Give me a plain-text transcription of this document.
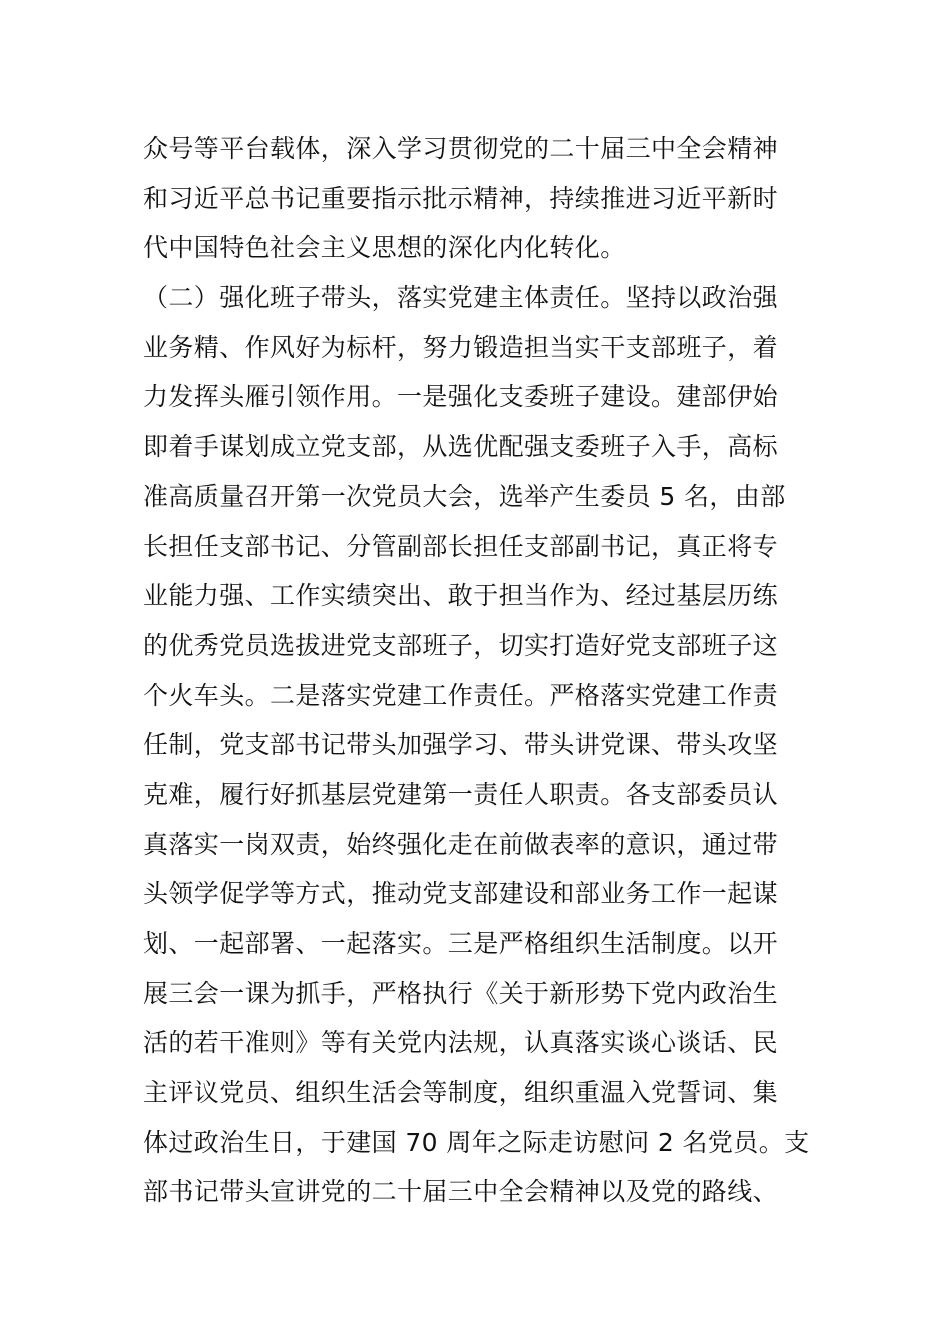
众号等平台载体，深入学习贯彻党的二十届三中全会精神
和习近平总书记重要指示批示精神，持续推进习近平新时
代中国特色社会主义思想的深化内化转化。
（二）强化班子带头，落实党建主体责任。坚持以政治强
业务精、作风好为标杆，努力锻造担当实干支部班子，着
力发挥头雁引领作用。一是强化支委班子建设。建部伊始
即着手谋划成立党支部，从选优配强支委班子入手，高标
准高质量召开第一次党员大会，选举产生委员 5 名，由部
长担任支部书记、分管副部长担任支部副书记，真正将专
业能力强、工作实绩突出、敢于担当作为、经过基层历练
的优秀党员选拔进党支部班子，切实打造好党支部班子这
个火车头。二是落实党建工作责任。严格落实党建工作责
任制，党支部书记带头加强学习、带头讲党课、带头攻坚
克难，履行好抓基层党建第一责任人职责。各支部委员认
真落实一岗双责，始终强化走在前做表率的意识，通过带
头领学促学等方式，推动党支部建设和部业务工作一起谋
划、一起部署、一起落实。三是严格组织生活制度。以开
展三会一课为抓手，严格执行《关于新形势下党内政治生
活的若干准则》等有关党内法规，认真落实谈心谈话、民
主评议党员、组织生活会等制度，组织重温入党誓词、集
体过政治生日，于建国 70 周年之际走访慰问 2 名党员。支
部书记带头宣讲党的二十届三中全会精神以及党的路线、
